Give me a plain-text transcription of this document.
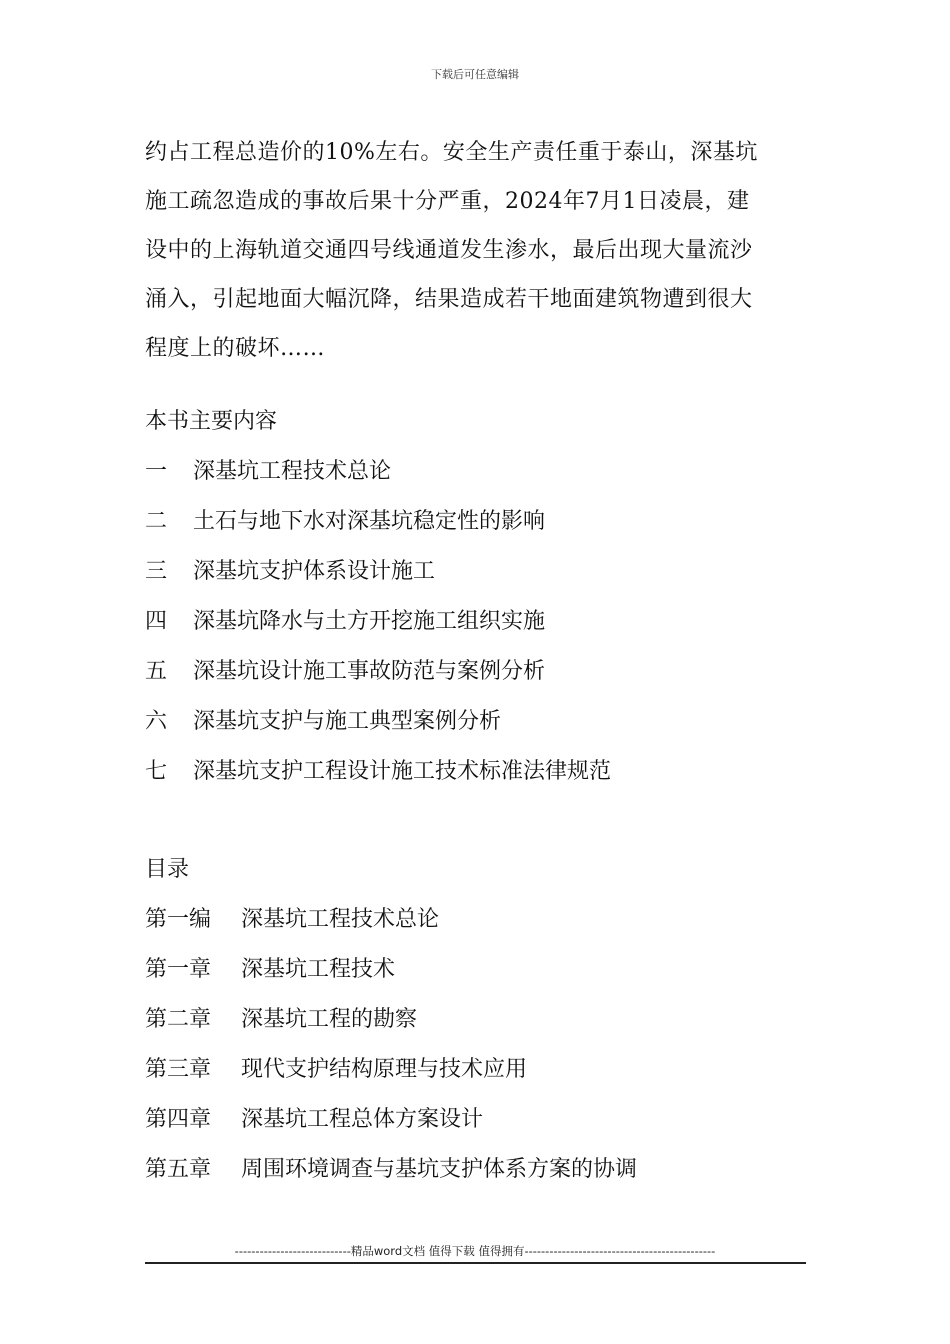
下载后可任意编辑
约占工程总造价的10%左右。安全生产责任重于泰山，深基坑
施工疏忽造成的事故后果十分严重，2024年7月1日凌晨，建
设中的上海轨道交通四号线通道发生渗水，最后出现大量流沙
涌入，引起地面大幅沉降，结果造成若干地面建筑物遭到很大
程度上的破坏……
本书主要内容
一 深基坑工程技术总论
二 土石与地下水对深基坑稳定性的影响
三 深基坑支护体系设计施工
四 深基坑降水与土方开挖施工组织实施
五 深基坑设计施工事故防范与案例分析
六 深基坑支护与施工典型案例分析
七 深基坑支护工程设计施工技术标准法律规范
目录
第一编 深基坑工程技术总论
第一章 深基坑工程技术
第二章 深基坑工程的勘察
第三章 现代支护结构原理与技术应用
第四章 深基坑工程总体方案设计
第五章 周围环境调查与基坑支护体系方案的协调
----------------------------精品word文档 值得下载 值得拥有----------------------------------------------
